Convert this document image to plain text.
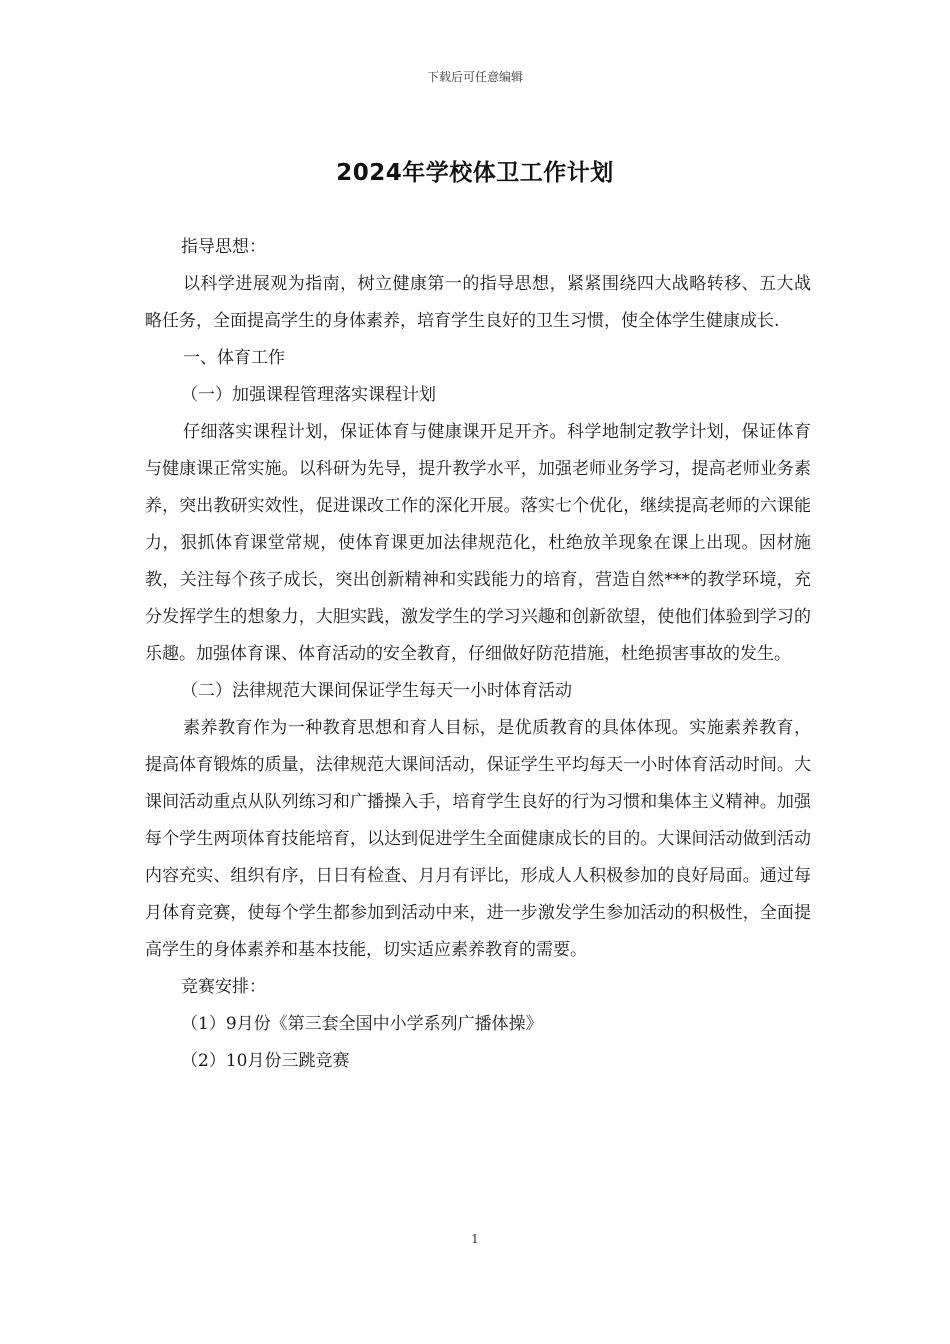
下载后可任意编辑
2024年学校体卫工作计划

指导思想：

以科学进展观为指南，树立健康第一的指导思想，紧紧围绕四大战略转移、五大战略任务，全面提高学生的身体素养，培育学生良好的卫生习惯，使全体学生健康成长.

一、体育工作

（一）加强课程管理落实课程计划

仔细落实课程计划，保证体育与健康课开足开齐。科学地制定教学计划，保证体育与健康课正常实施。以科研为先导，提升教学水平，加强老师业务学习，提高老师业务素养，突出教研实效性，促进课改工作的深化开展。落实七个优化，继续提高老师的六课能力，狠抓体育课堂常规，使体育课更加法律规范化，杜绝放羊现象在课上出现。因材施教，关注每个孩子成长，突出创新精神和实践能力的培育，营造自然***的教学环境，充分发挥学生的想象力，大胆实践，激发学生的学习兴趣和创新欲望，使他们体验到学习的乐趣。加强体育课、体育活动的安全教育，仔细做好防范措施，杜绝损害事故的发生。

（二）法律规范大课间保证学生每天一小时体育活动

素养教育作为一种教育思想和育人目标，是优质教育的具体体现。实施素养教育，提高体育锻炼的质量，法律规范大课间活动，保证学生平均每天一小时体育活动时间。大课间活动重点从队列练习和广播操入手，培育学生良好的行为习惯和集体主义精神。加强每个学生两项体育技能培育，以达到促进学生全面健康成长的目的。大课间活动做到活动内容充实、组织有序，日日有检查、月月有评比，形成人人积极参加的良好局面。通过每月体育竞赛，使每个学生都参加到活动中来，进一步激发学生参加活动的积极性，全面提高学生的身体素养和基本技能，切实适应素养教育的需要。

竞赛安排：

（1）9月份《第三套全国中小学系列广播体操》

（2）10月份三跳竞赛

1
